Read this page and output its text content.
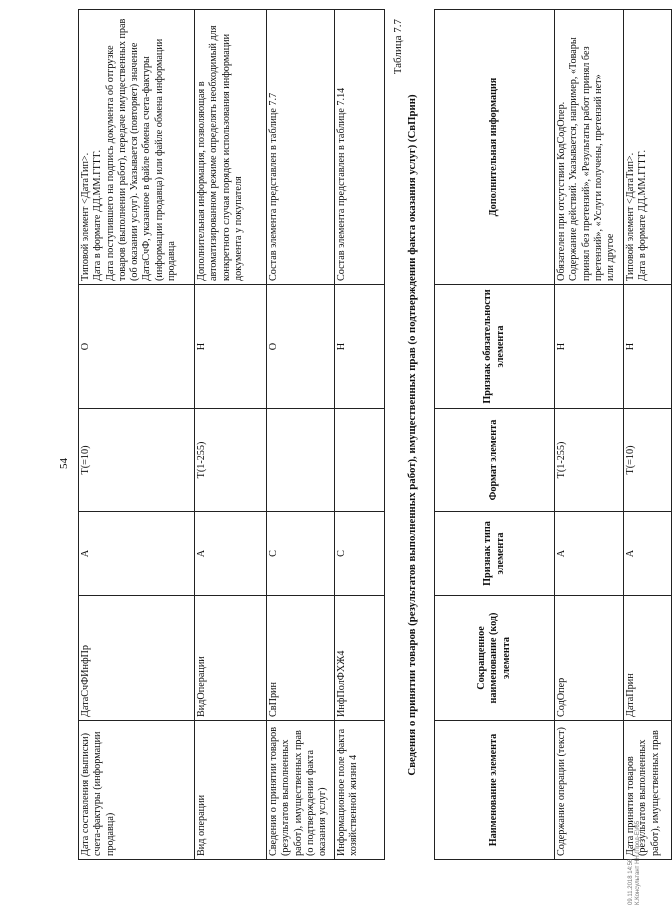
54
Дата составления (выписки) счета-фактуры (информации продавца)	ДатаСчФИнфПр	А	Т(=10)	О	Типовой элемент <ДатаТип>.
Дата в формате ДД.ММ.ГГГГ.
Дата поступившего на подпись документа об отгрузке товаров (выполнении работ), передаче имущественных прав (об оказании услуг). Указывается (повторяет) значение ДатаСчФ, указанное в файле обмена счета-фактуры (информации продавца) или файле обмена информации продавца
Вид операции	ВидОперации	А	Т(1-255)	Н	Дополнительная информация, позволяющая в автоматизированном режиме определять необходимый для конкретного случая порядок использования информации документа у покупателя
Сведения о принятии товаров (результатов выполненных работ), имущественных прав (о подтверждении факта оказания услуг)	СвПрин	С		О	Состав элемента представлен в таблице 7.7
Информационное поле факта хозяйственной жизни 4	ИнфПолФХЖ4	С		Н	Состав элемента представлен в таблице 7.14
Таблица 7.7
Сведения о принятии товаров (результатов выполненных работ), имущественных прав (о подтверждении факта оказания услуг) (СвПрин)
Наименование элемента	Сокращенное наименование (код) элемента	Признак типа элемента	Формат элемента	Признак обязательности элемента	Дополнительная информация
Содержание операции (текст)	СодОпер	А	Т(1-255)	Н	Обязателен при отсутствии КодСодОпер.
Содержание действий. Указывается, например, «Товары принял без претензий», «Результаты работ принял без претензий», «Услуги получены, претензий нет»
или другое
Дата принятия товаров (результатов выполненных работ), имущественных прав	ДатаПрин	А	Т(=10)	Н	Типовой элемент <ДатаТип>.
Дата в формате ДД.ММ.ГГГГ.
09.11.2018 14:56 К.Консультант НН (Прод-Е)/65
